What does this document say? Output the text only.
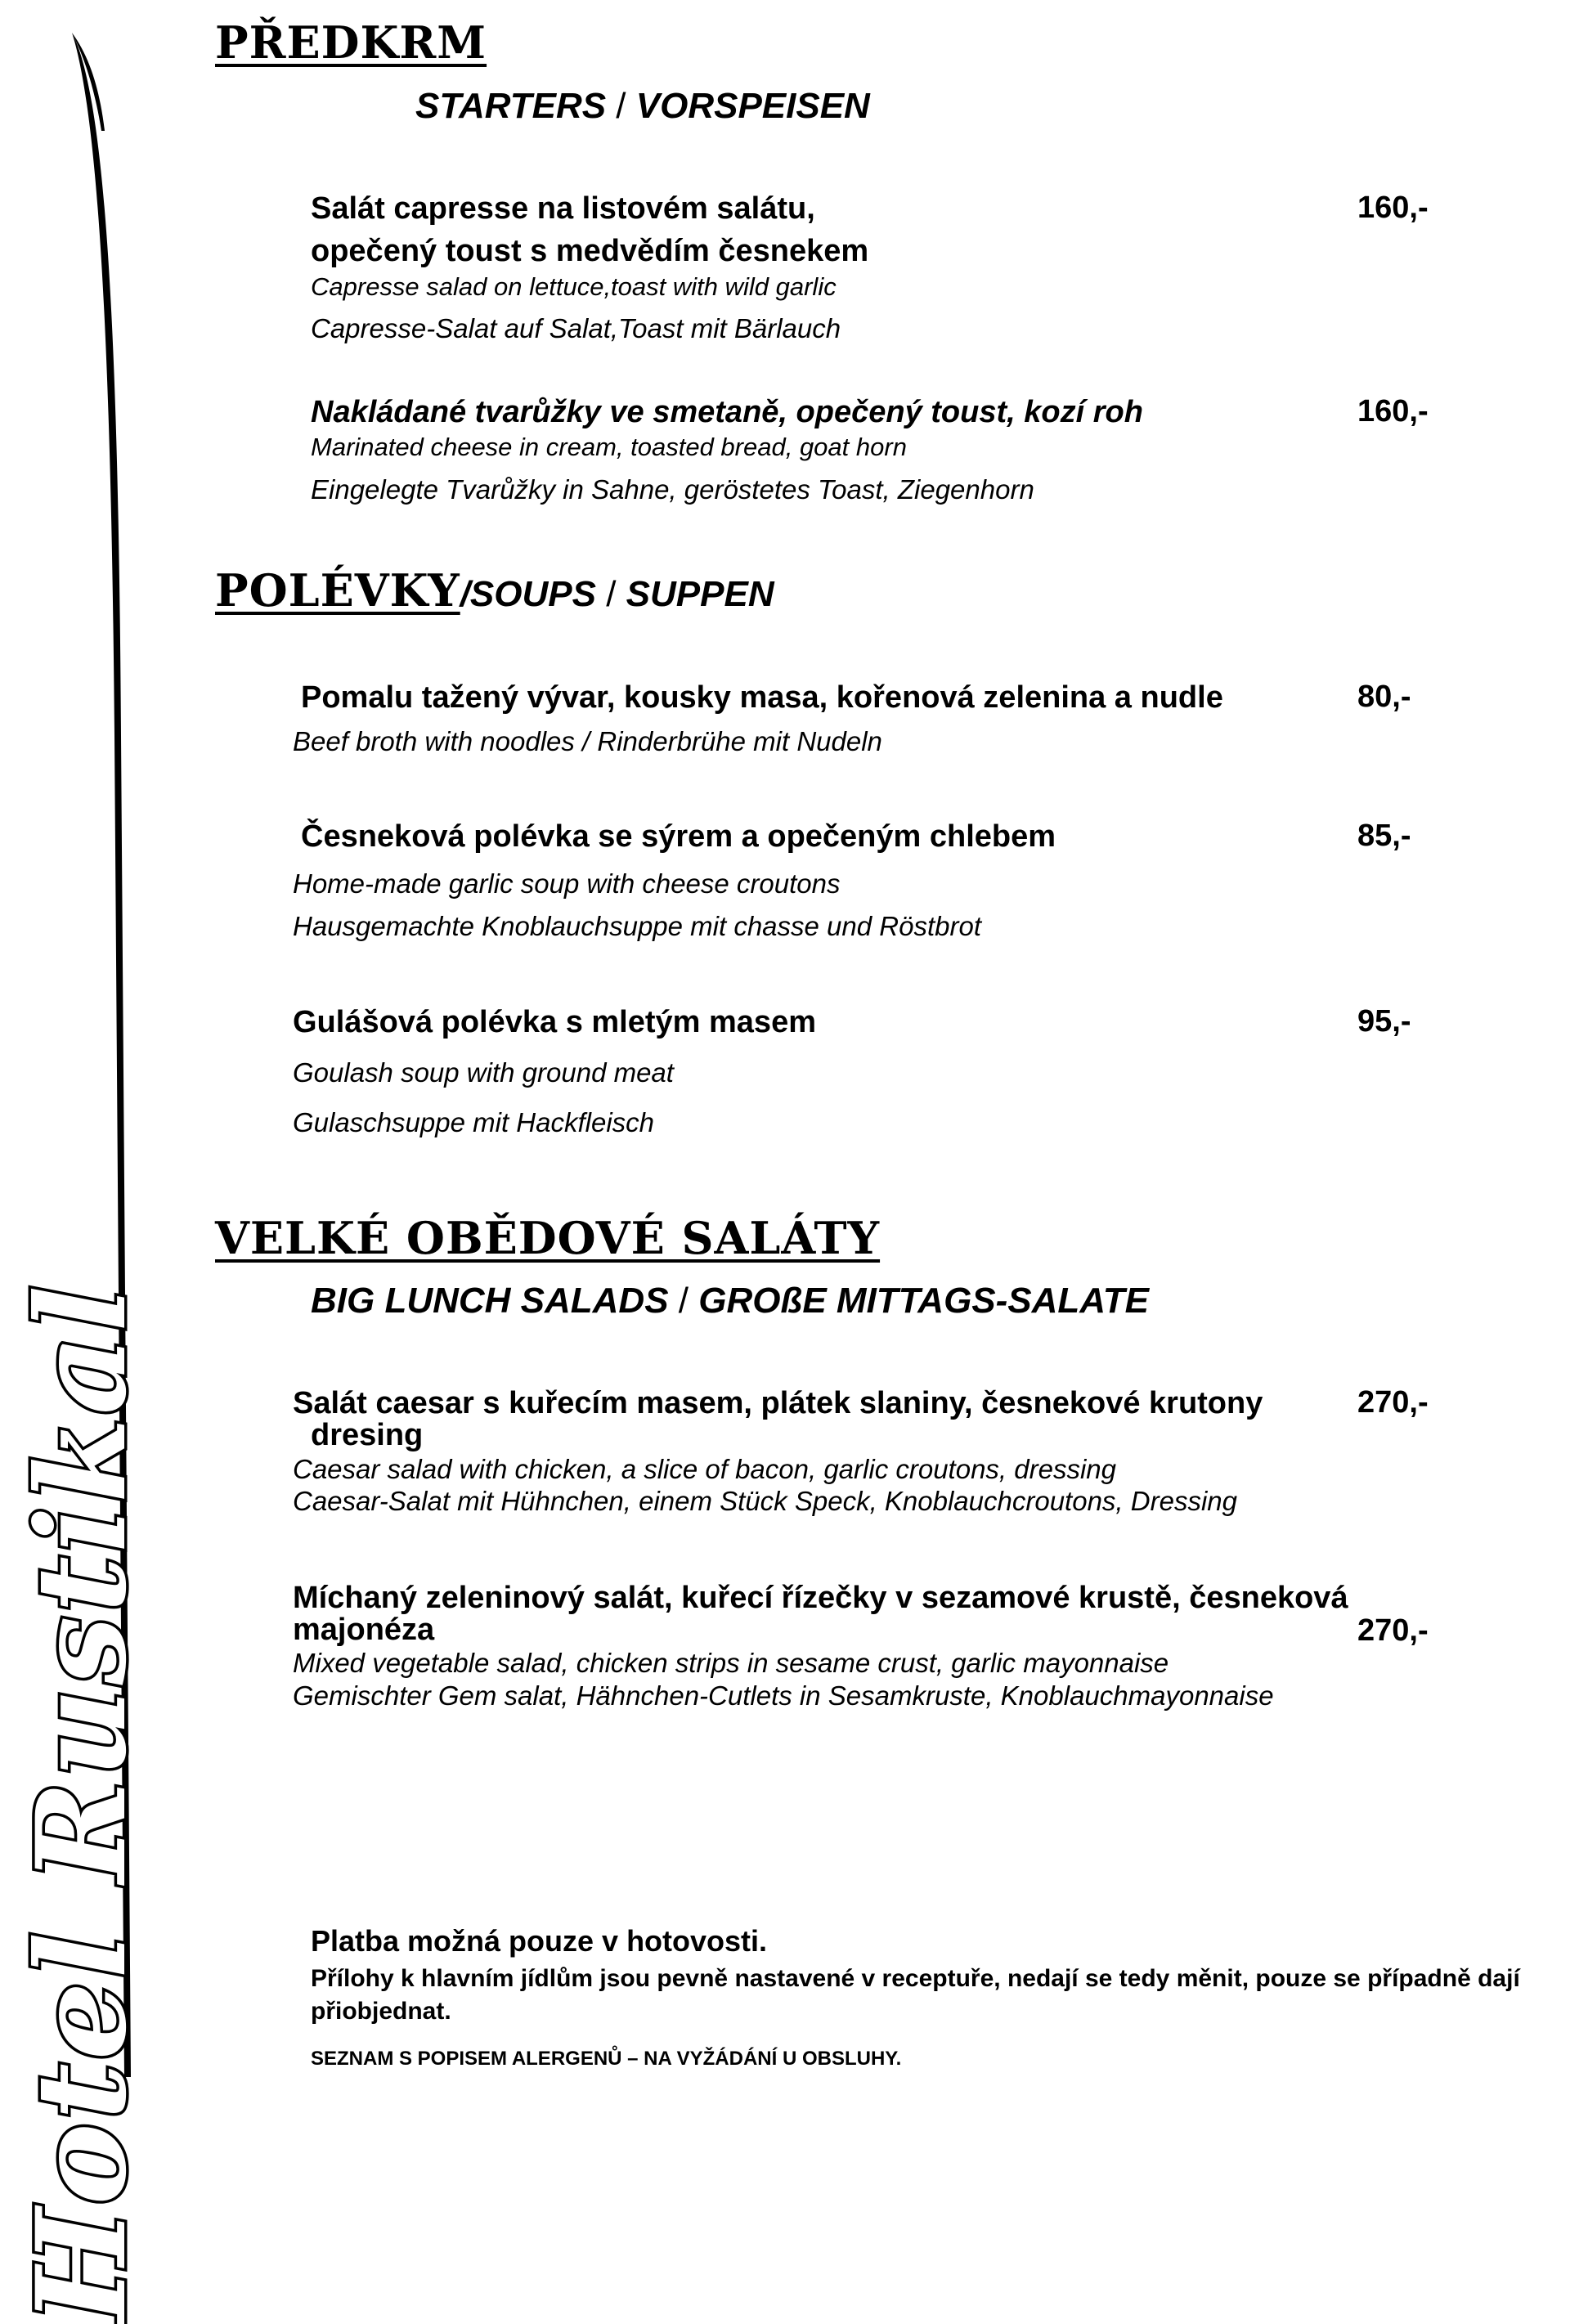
Hotel Rustikal
PŘEDKRM
STARTERS / VORSPEISEN
Salát capresse na listovém salátu,
opečený toust s medvědím česnekem
Capresse salad on lettuce,toast with wild garlic
Capresse-Salat auf Salat,Toast mit Bärlauch
160,-
Nakládané tvarůžky ve smetaně, opečený toust, kozí roh
Marinated cheese in cream, toasted bread, goat horn
Eingelegte Tvarůžky in Sahne, geröstetes Toast, Ziegenhorn
160,-
POLÉVKY/SOUPS / SUPPEN
Pomalu tažený vývar, kousky masa, kořenová zelenina a nudle
Beef broth with noodles / Rinderbrühe mit Nudeln
80,-
Česneková polévka se sýrem a opečeným chlebem
Home-made garlic soup with cheese croutons
Hausgemachte Knoblauchsuppe mit chasse und Röstbrot
85,-
Gulášová polévka s mletým masem
Goulash soup with ground meat
Gulaschsuppe mit Hackfleisch
95,-
VELKÉ OBĚDOVÉ SALÁTY
BIG LUNCH SALADS / GROßE MITTAGS-SALATE
Salát caesar s kuřecím masem, plátek slaniny, česnekové krutony
dresing
Caesar salad with chicken, a slice of bacon, garlic croutons, dressing
Caesar-Salat mit Hühnchen, einem Stück Speck, Knoblauchcroutons, Dressing
270,-
Míchaný zeleninový salát, kuřecí řízečky v sezamové krustě, česneková
majonéza
Mixed vegetable salad, chicken strips in sesame crust, garlic mayonnaise
Gemischter Gem salat, Hähnchen-Cutlets in Sesamkruste, Knoblauchmayonnaise
270,-
Platba možná pouze v hotovosti.
Přílohy k hlavním jídlům jsou pevně nastavené v receptuře, nedají se tedy měnit, pouze se případně dají přiobjednat.
SEZNAM S POPISEM ALERGENŮ – NA VYŽÁDÁNÍ U OBSLUHY.
